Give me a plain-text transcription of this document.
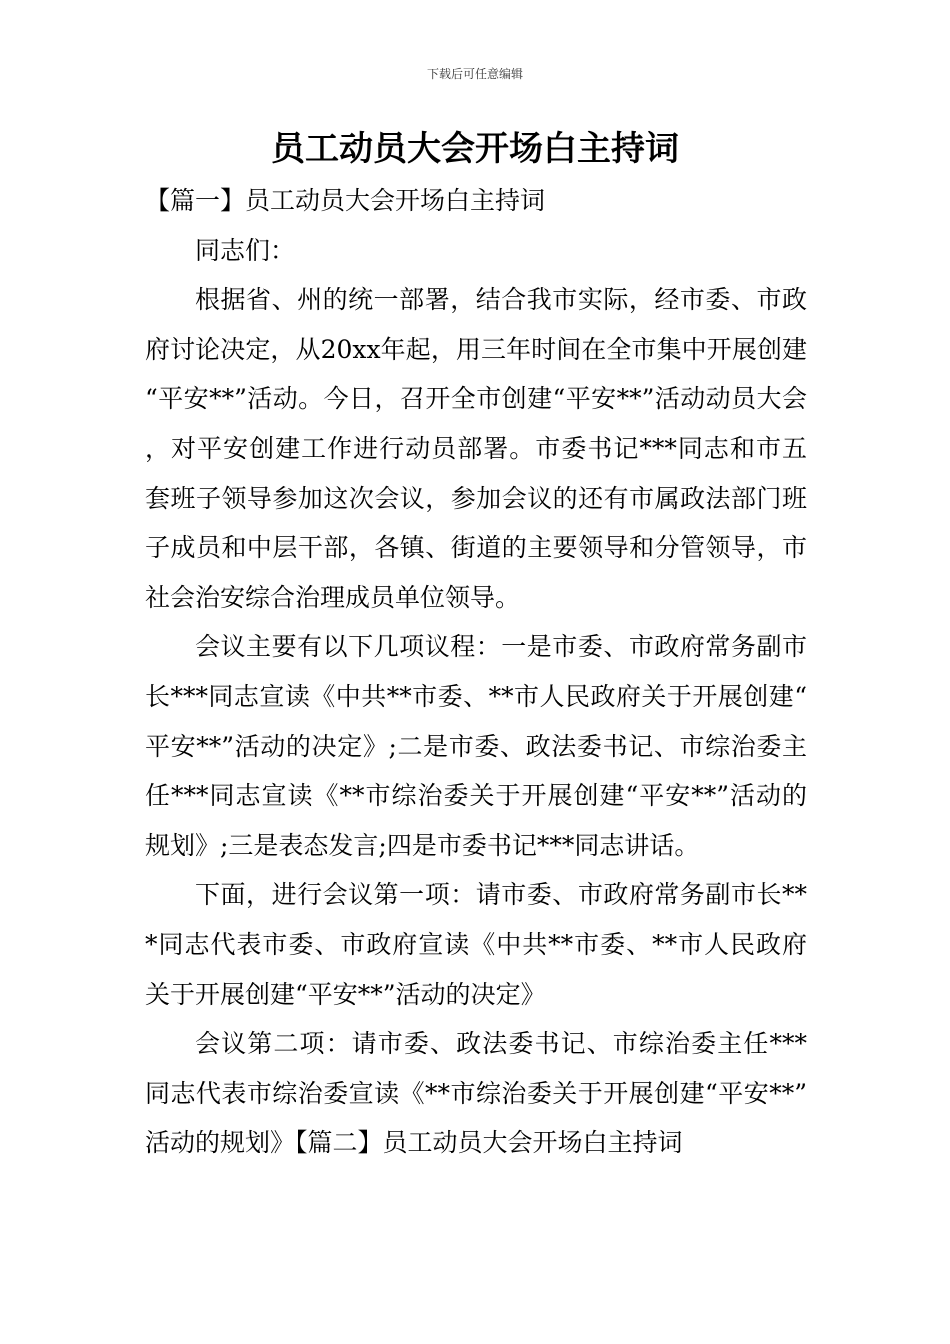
下载后可任意编辑
员工动员大会开场白主持词
【篇一】员工动员大会开场白主持词

同志们：

根据省、州的统一部署，结合我市实际，经市委、市政府讨论决定，从20xx年起，用三年时间在全市集中开展创建“平安**”活动。今日，召开全市创建“平安**”活动动员大会，对平安创建工作进行动员部署。市委书记***同志和市五套班子领导参加这次会议，参加会议的还有市属政法部门班子成员和中层干部，各镇、街道的主要领导和分管领导，市社会治安综合治理成员单位领导。

会议主要有以下几项议程：一是市委、市政府常务副市长***同志宣读《中共**市委、**市人民政府关于开展创建“平安**”活动的决定》;二是市委、政法委书记、市综治委主任***同志宣读《**市综治委关于开展创建“平安**”活动的规划》;三是表态发言;四是市委书记***同志讲话。

下面，进行会议第一项：请市委、市政府常务副市长***同志代表市委、市政府宣读《中共**市委、**市人民政府关于开展创建“平安**”活动的决定》

会议第二项：请市委、政法委书记、市综治委主任***同志代表市综治委宣读《**市综治委关于开展创建“平安**”活动的规划》【篇二】员工动员大会开场白主持词
